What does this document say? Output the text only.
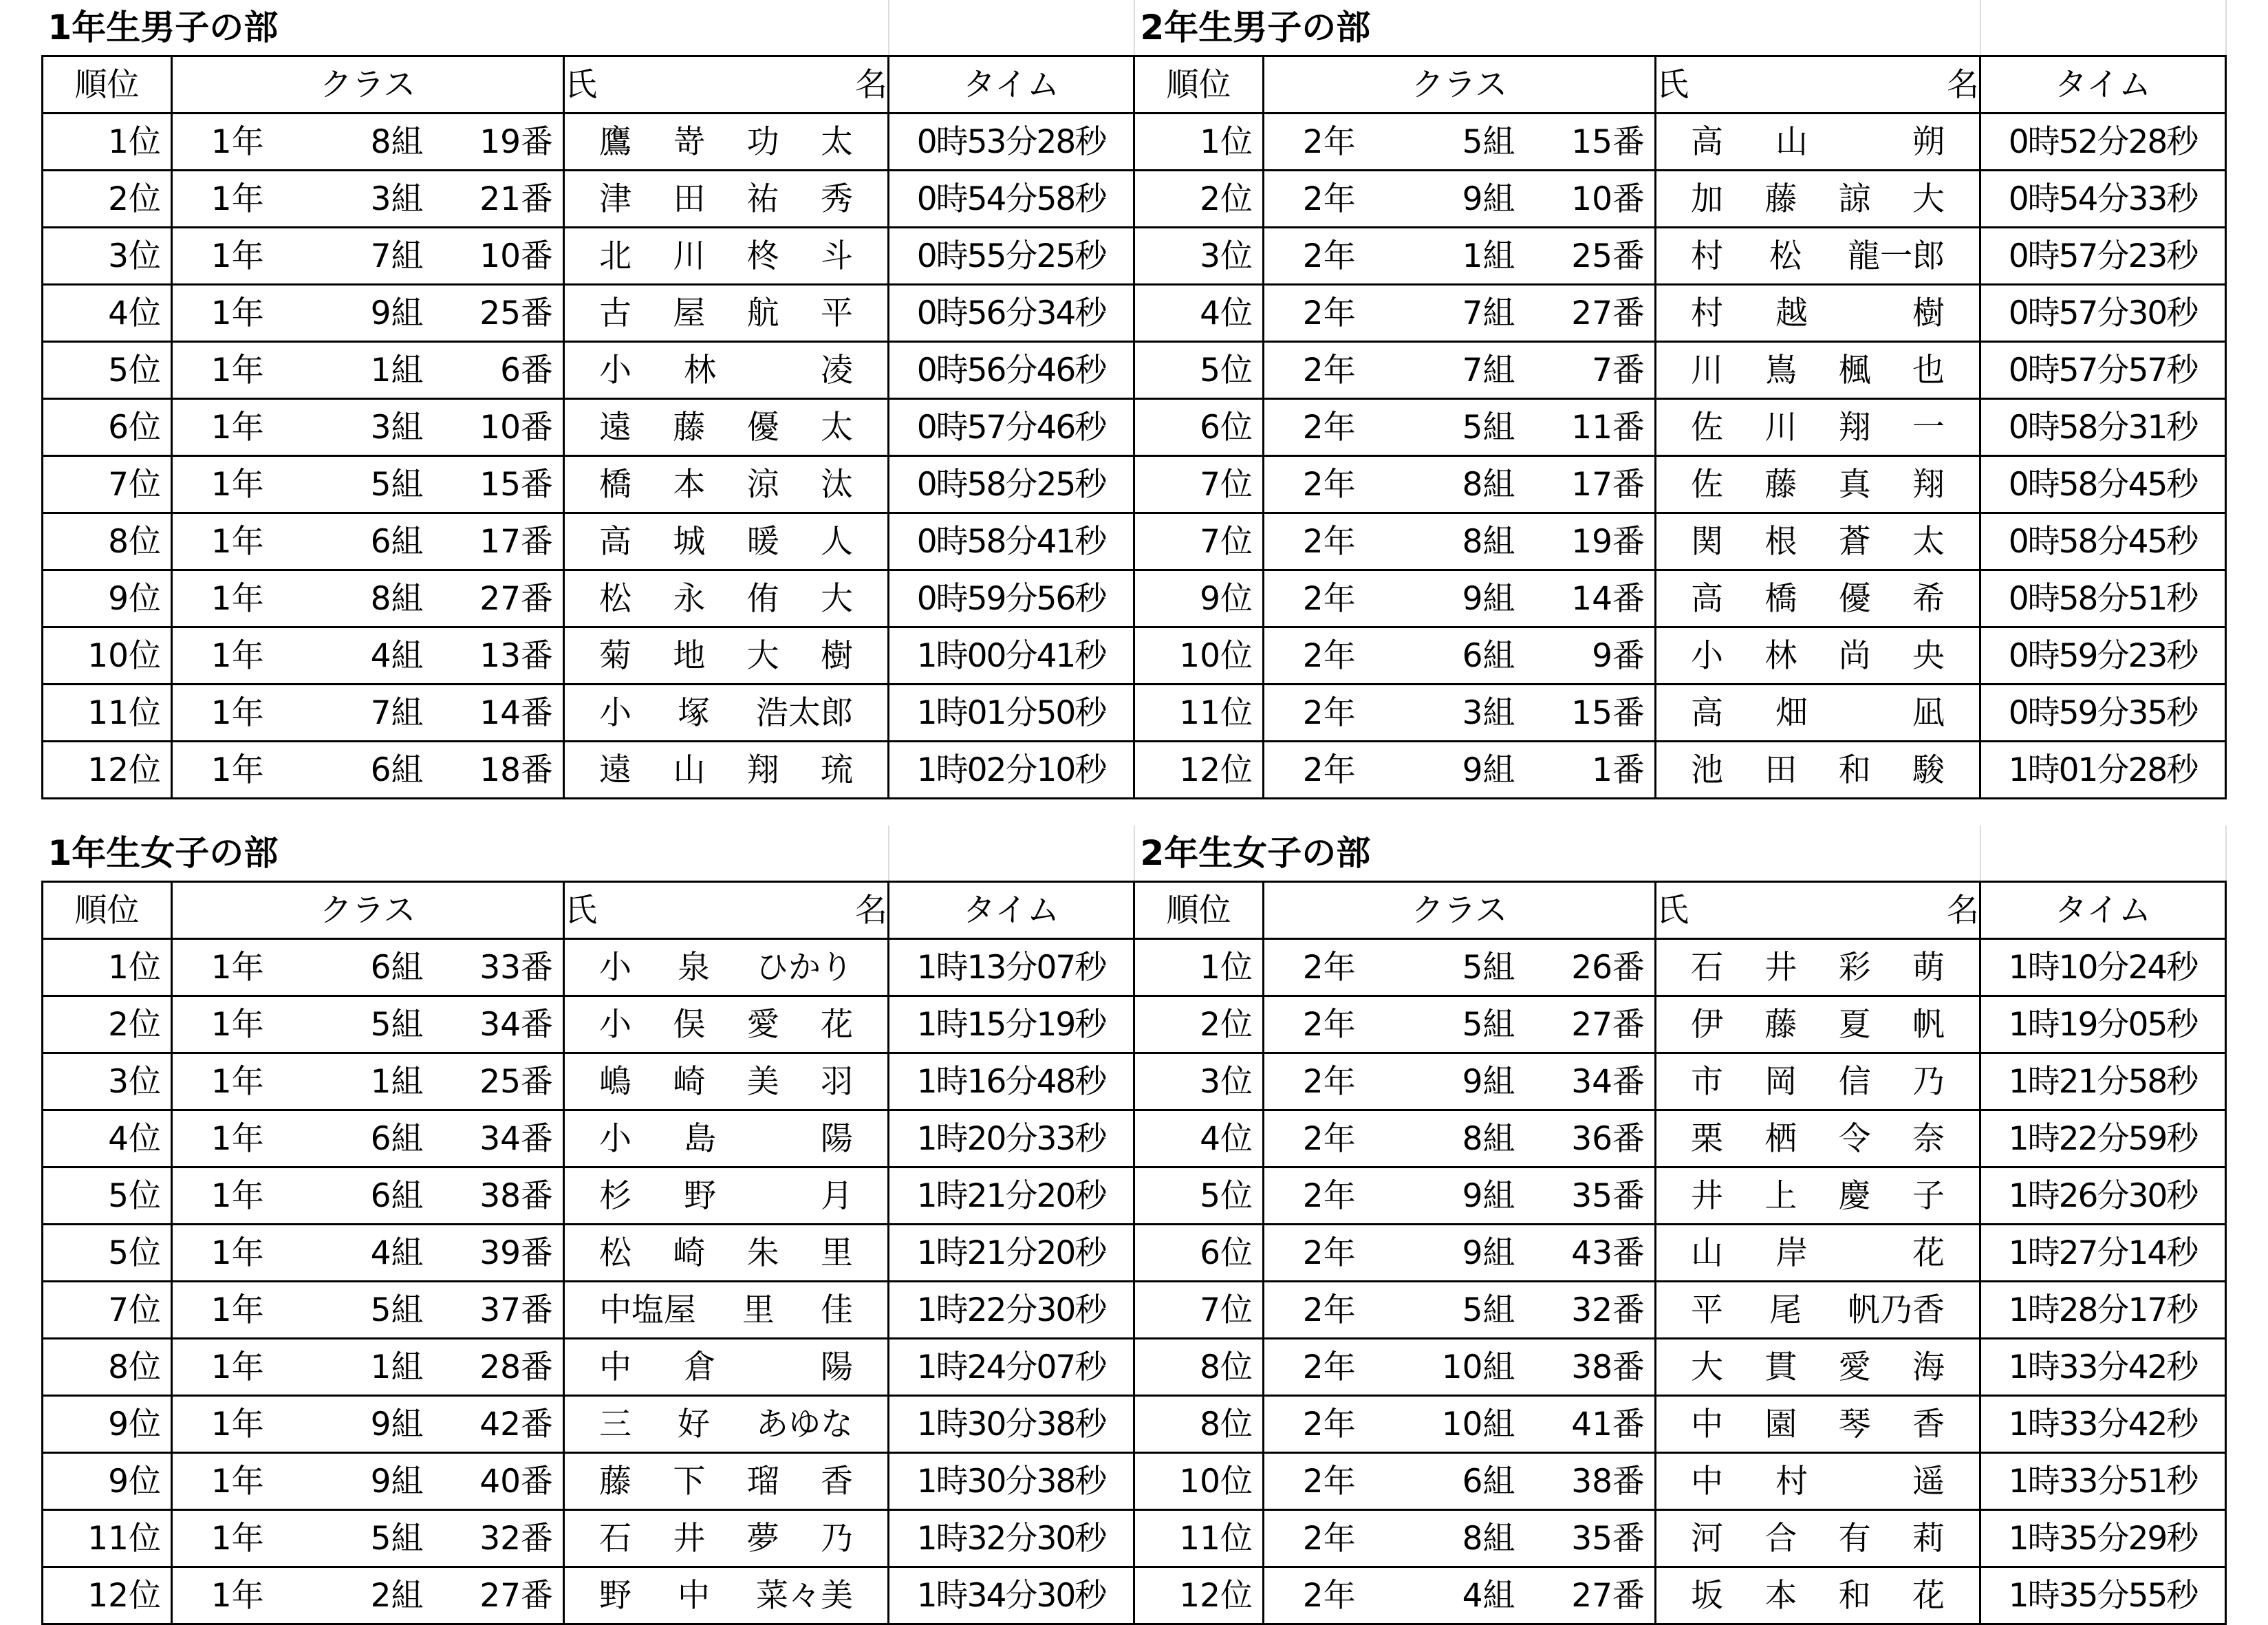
1年生男子の部						2年生男子の部					
順位	クラス			氏 名	タイム	順位	クラス			氏 名	タイム
1位	1年	8組	19番	鷹 嵜 功 太	0時53分28秒	1位	2年	5組	15番	高 山 朔	0時52分28秒
2位	1年	3組	21番	津 田 祐 秀	0時54分58秒	2位	2年	9組	10番	加 藤 諒 大	0時54分33秒
3位	1年	7組	10番	北 川 柊 斗	0時55分25秒	3位	2年	1組	25番	村 松 龍一郎	0時57分23秒
4位	1年	9組	25番	古 屋 航 平	0時56分34秒	4位	2年	7組	27番	村 越 樹	0時57分30秒
5位	1年	1組	6番	小 林 凌	0時56分46秒	5位	2年	7組	7番	川 嶌 楓 也	0時57分57秒
6位	1年	3組	10番	遠 藤 優 太	0時57分46秒	6位	2年	5組	11番	佐 川 翔 一	0時58分31秒
7位	1年	5組	15番	橋 本 涼 汰	0時58分25秒	7位	2年	8組	17番	佐 藤 真 翔	0時58分45秒
8位	1年	6組	17番	高 城 暖 人	0時58分41秒	7位	2年	8組	19番	関 根 蒼 太	0時58分45秒
9位	1年	8組	27番	松 永 侑 大	0時59分56秒	9位	2年	9組	14番	高 橋 優 希	0時58分51秒
10位	1年	4組	13番	菊 地 大 樹	1時00分41秒	10位	2年	6組	9番	小 林 尚 央	0時59分23秒
11位	1年	7組	14番	小 塚 浩太郎	1時01分50秒	11位	2年	3組	15番	高 畑 凪	0時59分35秒
12位	1年	6組	18番	遠 山 翔 琉	1時02分10秒	12位	2年	9組	1番	池 田 和 駿	1時01分28秒
1年生女子の部						2年生女子の部					
順位	クラス			氏 名	タイム	順位	クラス			氏 名	タイム
1位	1年	6組	33番	小 泉 ひかり	1時13分07秒	1位	2年	5組	26番	石 井 彩 萌	1時10分24秒
2位	1年	5組	34番	小 俣 愛 花	1時15分19秒	2位	2年	5組	27番	伊 藤 夏 帆	1時19分05秒
3位	1年	1組	25番	嶋 崎 美 羽	1時16分48秒	3位	2年	9組	34番	市 岡 信 乃	1時21分58秒
4位	1年	6組	34番	小 島 陽	1時20分33秒	4位	2年	8組	36番	栗 栖 令 奈	1時22分59秒
5位	1年	6組	38番	杉 野 月	1時21分20秒	5位	2年	9組	35番	井 上 慶 子	1時26分30秒
5位	1年	4組	39番	松 崎 朱 里	1時21分20秒	6位	2年	9組	43番	山 岸 花	1時27分14秒
7位	1年	5組	37番	中塩屋 里 佳	1時22分30秒	7位	2年	5組	32番	平 尾 帆乃香	1時28分17秒
8位	1年	1組	28番	中 倉 陽	1時24分07秒	8位	2年	10組	38番	大 貫 愛 海	1時33分42秒
9位	1年	9組	42番	三 好 あゆな	1時30分38秒	8位	2年	10組	41番	中 園 琴 香	1時33分42秒
9位	1年	9組	40番	藤 下 瑠 香	1時30分38秒	10位	2年	6組	38番	中 村 遥	1時33分51秒
11位	1年	5組	32番	石 井 夢 乃	1時32分30秒	11位	2年	8組	35番	河 合 有 莉	1時35分29秒
12位	1年	2組	27番	野 中 菜々美	1時34分30秒	12位	2年	4組	27番	坂 本 和 花	1時35分55秒
